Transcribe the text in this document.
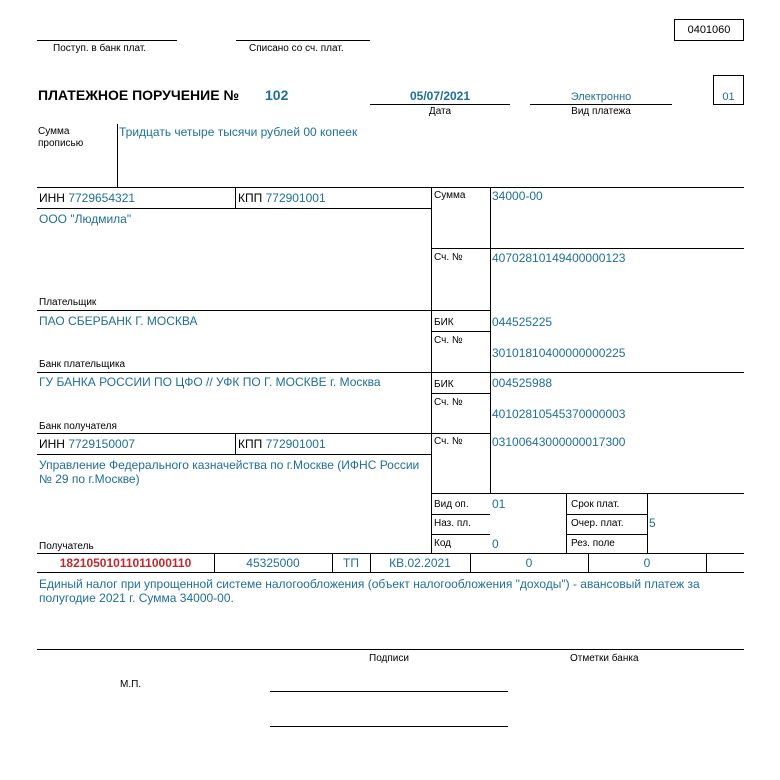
0401060
Поступ. в банк плат.	Списано со сч. плат.
ПЛАТЕЖНОЕ ПОРУЧЕНИЕ № 102	05/07/2021
Дата
Электронно
Вид платежа
01
Сумма прописью
Тридцать четыре тысячи рублей 00 копеек
ИНН 7729654321	КПП 772901001
ООО "Людмила"
Плательщик
Сумма 34000-00
Сч. № 40702810149400000123
ПАО СБЕРБАНК Г. МОСКВА
Банк плательщика
БИК	044525225
Сч. №
30101810400000000225
ГУ БАНКА РОССИИ ПО ЦФО // УФК ПО Г. МОСКВЕ г. Москва
Банк получателя
БИК	004525988
Сч. №
40102810545370000003
ИНН 7729150007	КПП 772901001	Сч. № 03100643000000017300
Управление Федерального казначейства по г.Москве (ИФНС России № 29 по г.Москве)
Получатель
Вид оп. 01
Наз. пл.
Код	0
Срок плат.
Очер. плат. 5
Рез. поле
18210501011011000110	45325000	ТП	КВ.02.2021	0	0
Единый налог при упрощенной системе налогообложения (объект налогообложения "доходы") - авансовый платеж за полугодие 2021 г. Сумма 34000-00.
Подписи	Отметки банка
М.П.
